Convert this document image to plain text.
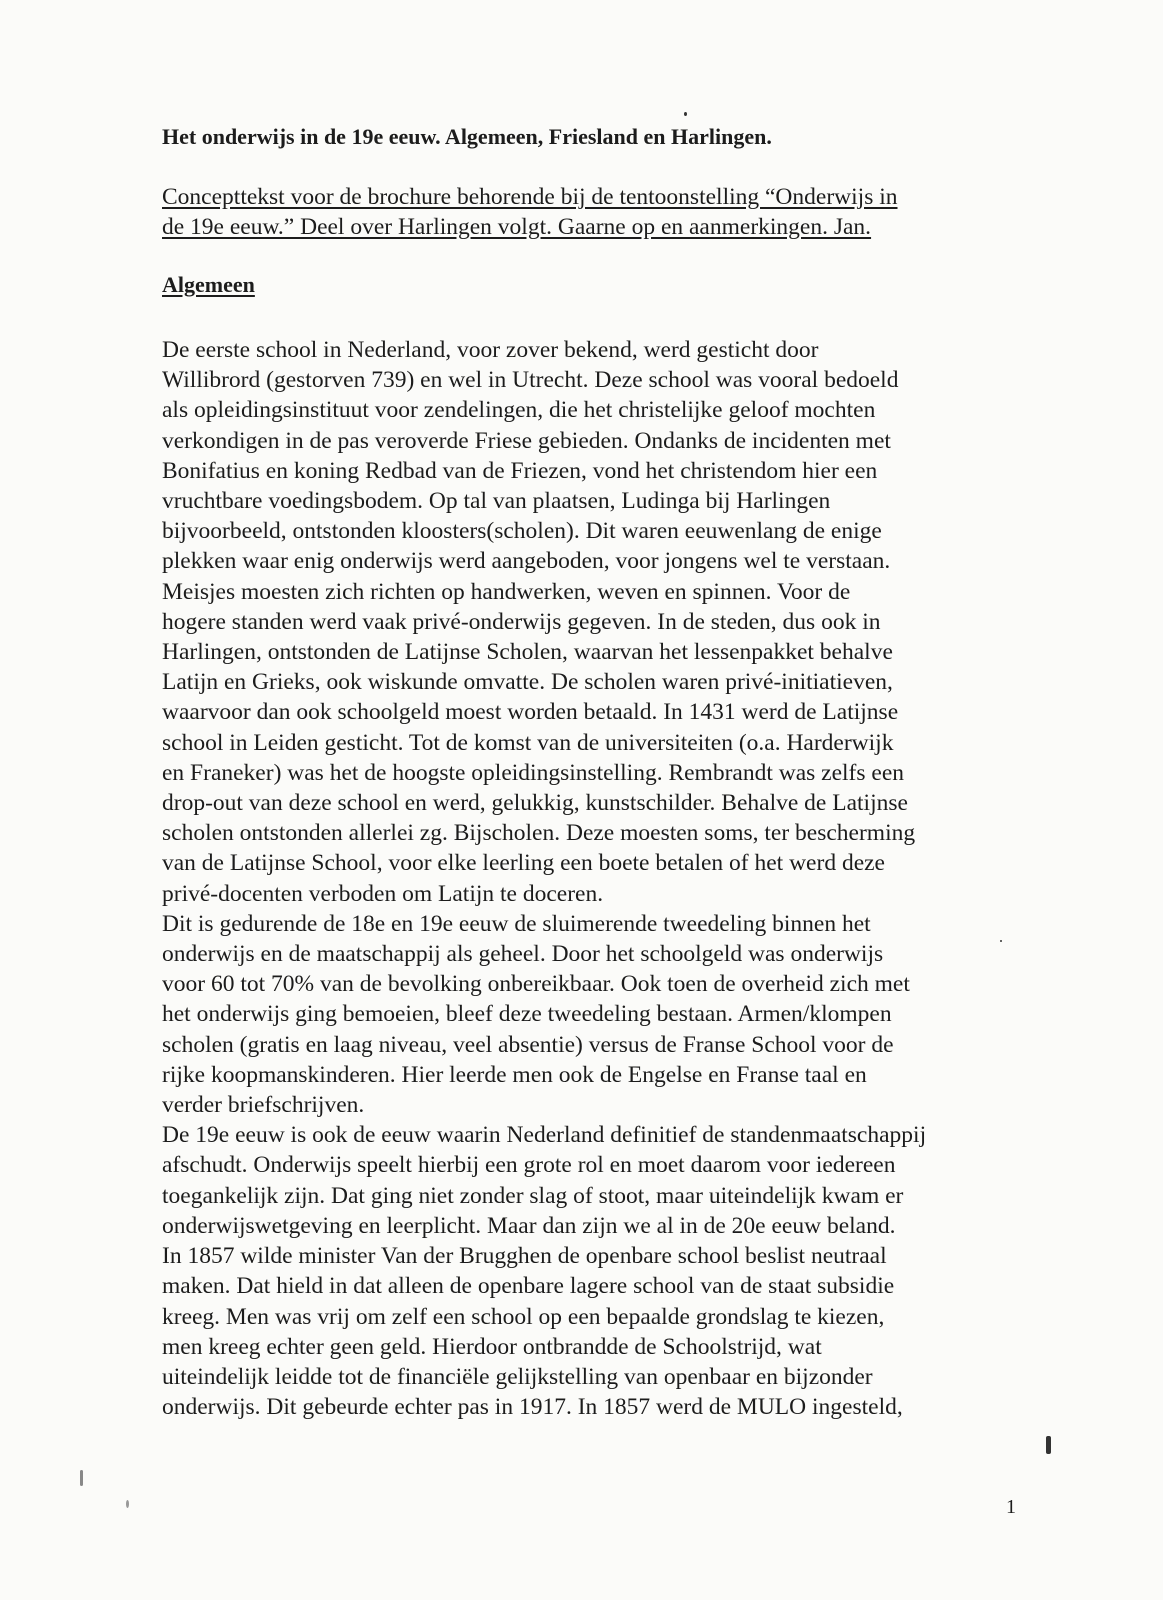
Het onderwijs in de 19e eeuw. Algemeen, Friesland en Harlingen.
Concepttekst voor de brochure behorende bij de tentoonstelling “Onderwijs in
de 19e eeuw.” Deel over Harlingen volgt. Gaarne op en aanmerkingen. Jan.
Algemeen
De eerste school in Nederland, voor zover bekend, werd gesticht door
Willibrord (gestorven 739) en wel in Utrecht. Deze school was vooral bedoeld
als opleidingsinstituut voor zendelingen, die het christelijke geloof mochten
verkondigen in de pas veroverde Friese gebieden. Ondanks de incidenten met
Bonifatius en koning Redbad van de Friezen, vond het christendom hier een
vruchtbare voedingsbodem. Op tal van plaatsen, Ludinga bij Harlingen
bijvoorbeeld, ontstonden kloosters(scholen). Dit waren eeuwenlang de enige
plekken waar enig onderwijs werd aangeboden, voor jongens wel te verstaan.
Meisjes moesten zich richten op handwerken, weven en spinnen. Voor de
hogere standen werd vaak privé-onderwijs gegeven. In de steden, dus ook in
Harlingen, ontstonden de Latijnse Scholen, waarvan het lessenpakket behalve
Latijn en Grieks, ook wiskunde omvatte. De scholen waren privé-initiatieven,
waarvoor dan ook schoolgeld moest worden betaald. In 1431 werd de Latijnse
school in Leiden gesticht. Tot de komst van de universiteiten (o.a. Harderwijk
en Franeker) was het de hoogste opleidingsinstelling. Rembrandt was zelfs een
drop-out van deze school en werd, gelukkig, kunstschilder. Behalve de Latijnse
scholen ontstonden allerlei zg. Bijscholen. Deze moesten soms, ter bescherming
van de Latijnse School, voor elke leerling een boete betalen of het werd deze
privé-docenten verboden om Latijn te doceren.
Dit is gedurende de 18e en 19e eeuw de sluimerende tweedeling binnen het
onderwijs en de maatschappij als geheel. Door het schoolgeld was onderwijs
voor 60 tot 70% van de bevolking onbereikbaar. Ook toen de overheid zich met
het onderwijs ging bemoeien, bleef deze tweedeling bestaan. Armen/klompen
scholen (gratis en laag niveau, veel absentie) versus de Franse School voor de
rijke koopmanskinderen. Hier leerde men ook de Engelse en Franse taal en
verder briefschrijven.
De 19e eeuw is ook de eeuw waarin Nederland definitief de standenmaatschappij
afschudt. Onderwijs speelt hierbij een grote rol en moet daarom voor iedereen
toegankelijk zijn. Dat ging niet zonder slag of stoot, maar uiteindelijk kwam er
onderwijswetgeving en leerplicht. Maar dan zijn we al in de 20e eeuw beland.
In 1857 wilde minister Van der Brugghen de openbare school beslist neutraal
maken. Dat hield in dat alleen de openbare lagere school van de staat subsidie
kreeg. Men was vrij om zelf een school op een bepaalde grondslag te kiezen,
men kreeg echter geen geld. Hierdoor ontbrandde de Schoolstrijd, wat
uiteindelijk leidde tot de financiële gelijkstelling van openbaar en bijzonder
onderwijs. Dit gebeurde echter pas in 1917. In 1857 werd de MULO ingesteld,
1
